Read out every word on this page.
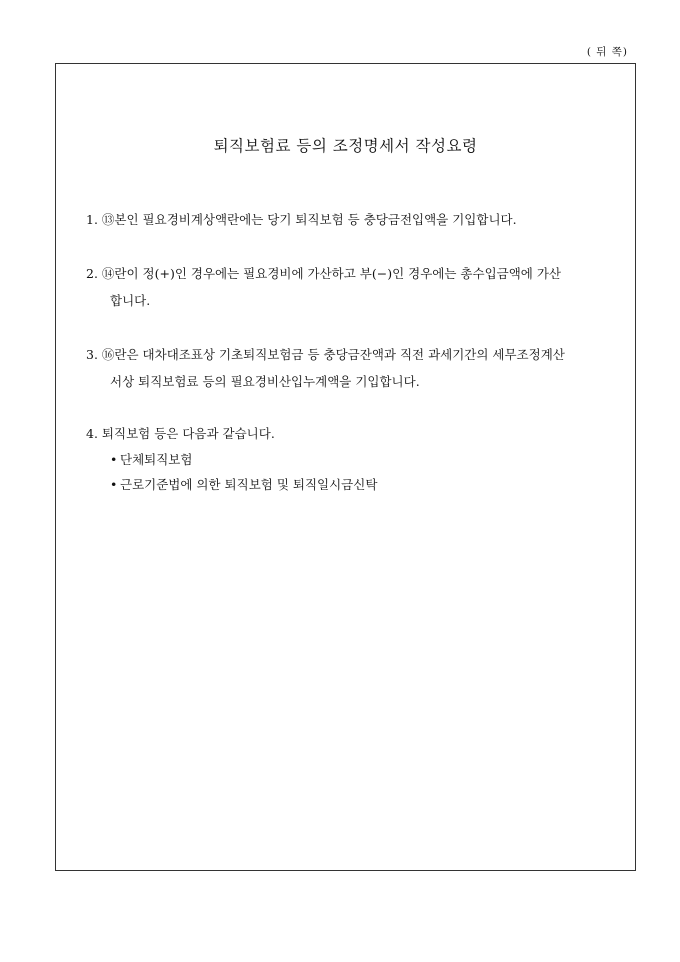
( 뒤 쪽)
퇴직보험료 등의 조정명세서 작성요령
1. ⑬본인 필요경비계상액란에는 당기 퇴직보험 등 충당금전입액을 기입합니다.
2. ⑭란이 정(+)인 경우에는 필요경비에 가산하고 부(−)인 경우에는 총수입금액에 가산
합니다.
3. ⑯란은 대차대조표상 기초퇴직보험금 등 충당금잔액과 직전 과세기간의 세무조정계산
서상 퇴직보험료 등의 필요경비산입누계액을 기입합니다.
4. 퇴직보험 등은 다음과 같습니다.
• 단체퇴직보험
• 근로기준법에 의한 퇴직보험 및 퇴직일시금신탁
